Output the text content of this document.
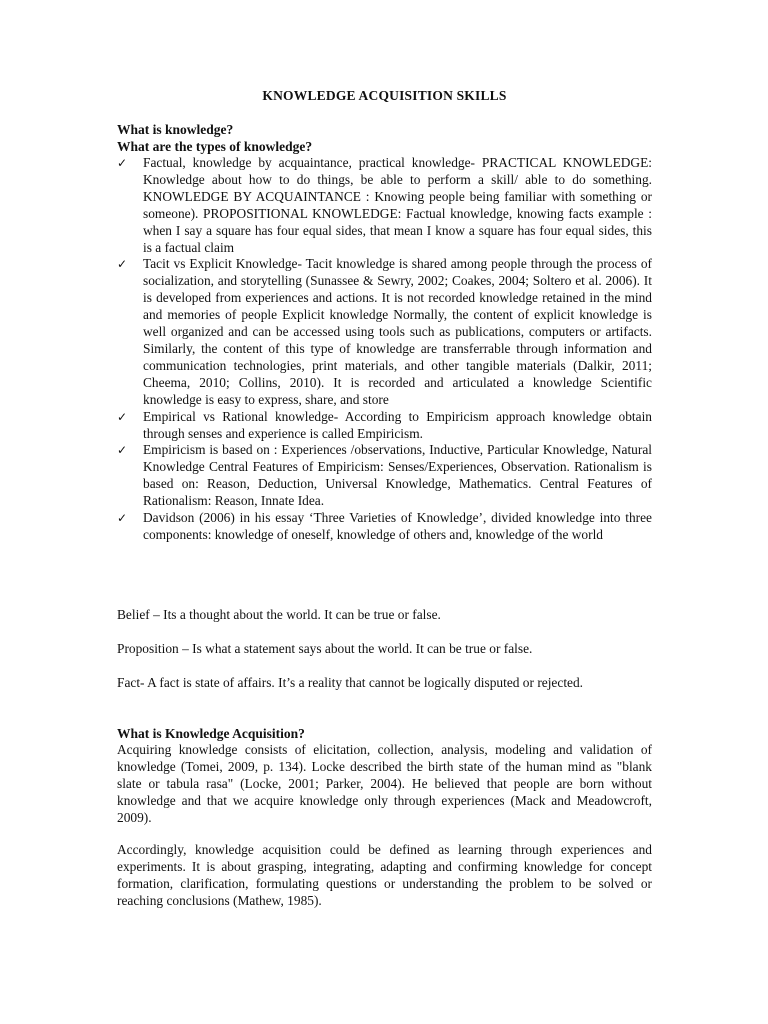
KNOWLEDGE ACQUISITION SKILLS
What is knowledge?
What are the types of knowledge?
✓ Factual, knowledge by acquaintance, practical knowledge- PRACTICAL KNOWLEDGE: Knowledge about how to do things, be able to perform a skill/ able to do something. KNOWLEDGE BY ACQUAINTANCE : Knowing people being familiar with something or someone). PROPOSITIONAL KNOWLEDGE: Factual knowledge, knowing facts example : when I say a square has four equal sides, that mean I know a square has four equal sides, this is a factual claim
✓ Tacit vs Explicit Knowledge- Tacit knowledge is shared among people through the process of socialization, and storytelling (Sunassee & Sewry, 2002; Coakes, 2004; Soltero et al. 2006). It is developed from experiences and actions. It is not recorded knowledge retained in the mind and memories of people Explicit knowledge Normally, the content of explicit knowledge is well organized and can be accessed using tools such as publications, computers or artifacts. Similarly, the content of this type of knowledge are transferrable through information and communication technologies, print materials, and other tangible materials (Dalkir, 2011; Cheema, 2010; Collins, 2010). It is recorded and articulated a knowledge Scientific knowledge is easy to express, share, and store
✓ Empirical vs Rational knowledge- According to Empiricism approach knowledge obtain through senses and experience is called Empiricism.
✓ Empiricism is based on : Experiences /observations, Inductive, Particular Knowledge, Natural Knowledge Central Features of Empiricism: Senses/Experiences, Observation. Rationalism is based on: Reason, Deduction, Universal Knowledge, Mathematics. Central Features of Rationalism: Reason, Innate Idea.
✓ Davidson (2006) in his essay ‘Three Varieties of Knowledge’, divided knowledge into three components: knowledge of oneself, knowledge of others and, knowledge of the world

Belief – Its a thought about the world. It can be true or false.

Proposition – Is what a statement says about the world. It can be true or false.

Fact- A fact is state of affairs. It’s a reality that cannot be logically disputed or rejected.

What is Knowledge Acquisition?

Acquiring knowledge consists of elicitation, collection, analysis, modeling and validation of knowledge (Tomei, 2009, p. 134). Locke described the birth state of the human mind as "blank slate or tabula rasa" (Locke, 2001; Parker, 2004). He believed that people are born without knowledge and that we acquire knowledge only through experiences (Mack and Meadowcroft, 2009).

Accordingly, knowledge acquisition could be defined as learning through experiences and experiments. It is about grasping, integrating, adapting and confirming knowledge for concept formation, clarification, formulating questions or understanding the problem to be solved or reaching conclusions (Mathew, 1985).
